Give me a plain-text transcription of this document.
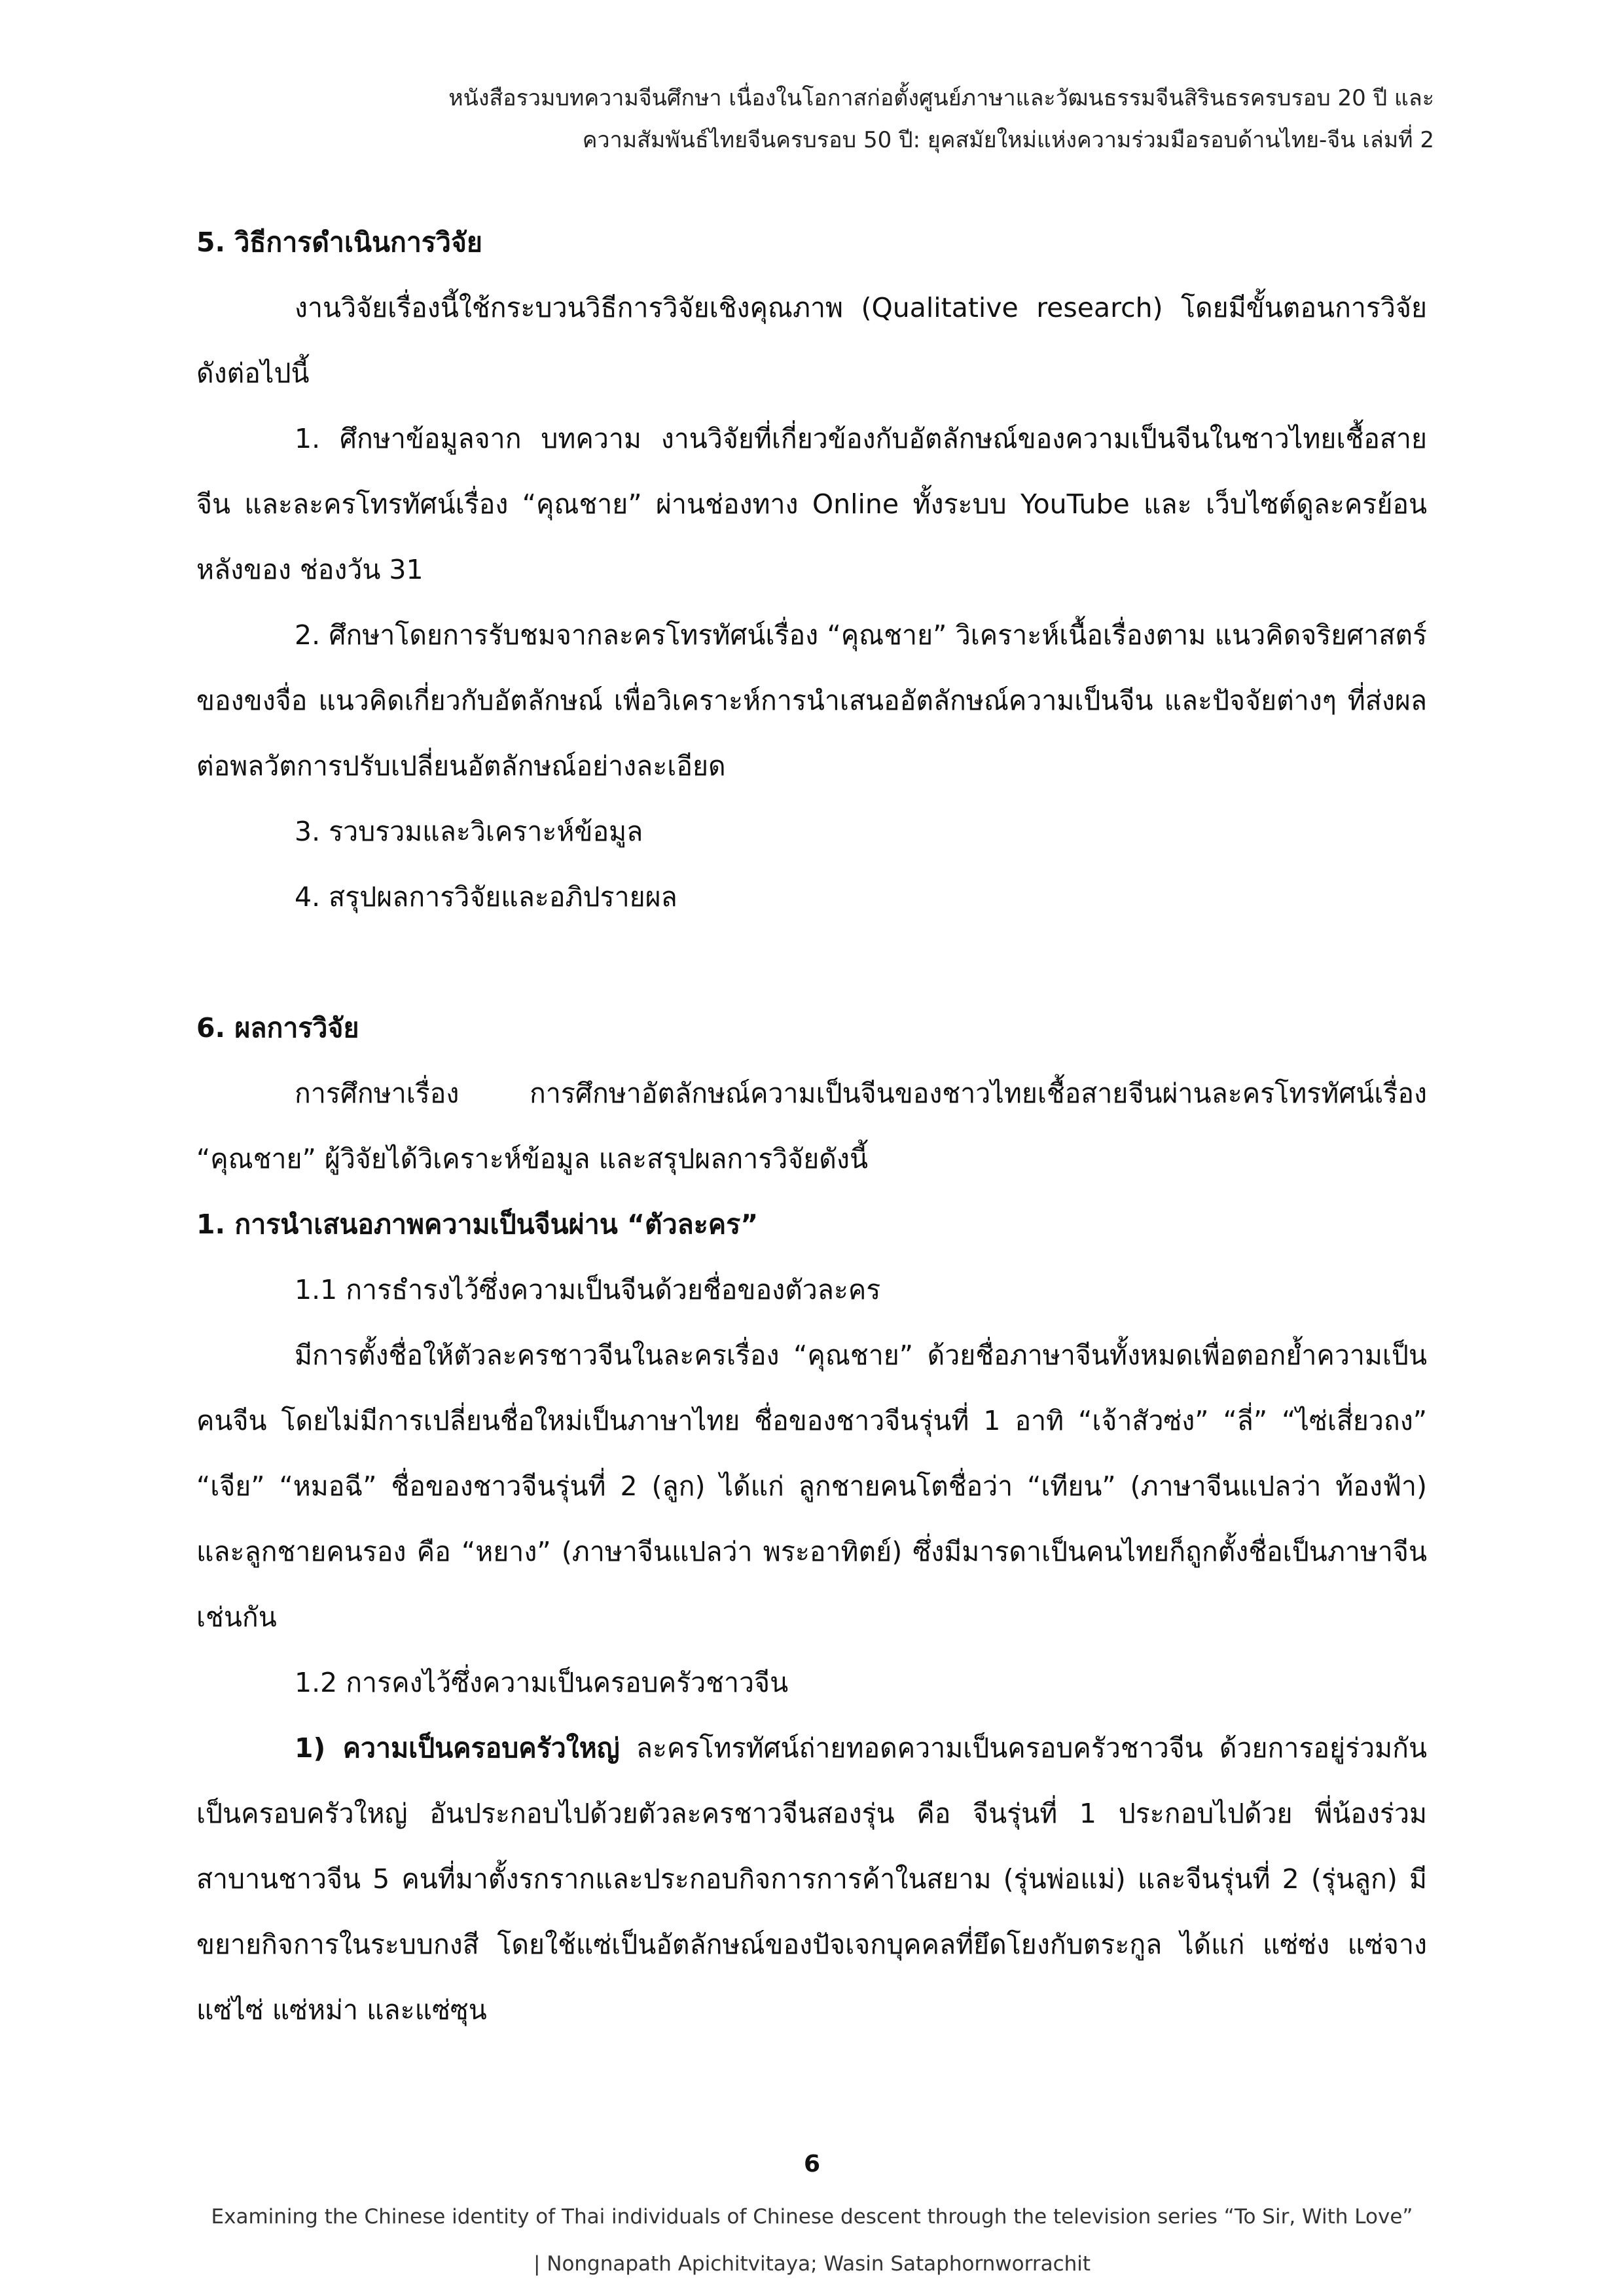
หนังสือรวมบทความจีนศึกษา เนื่องในโอกาสก่อตั้งศูนย์ภาษาและวัฒนธรรมจีนสิรินธรครบรอบ 20 ปี และ
ความสัมพันธ์ไทยจีนครบรอบ 50 ปี: ยุคสมัยใหม่แห่งความร่วมมือรอบด้านไทย-จีน เล่มที่ 2
5. วิธีการดำเนินการวิจัย

งานวิจัยเรื่องนี้ใช้กระบวนวิธีการวิจัยเชิงคุณภาพ (Qualitative research) โดยมีขั้นตอนการวิจัยดังต่อไปนี้

1. ศึกษาข้อมูลจาก บทความ งานวิจัยที่เกี่ยวข้องกับอัตลักษณ์ของความเป็นจีนในชาวไทยเชื้อสายจีน และละครโทรทัศน์เรื่อง “คุณชาย” ผ่านช่องทาง Online ทั้งระบบ YouTube และ เว็บไซต์ดูละครย้อนหลังของ ช่องวัน 31

2. ศึกษาโดยการรับชมจากละครโทรทัศน์เรื่อง “คุณชาย” วิเคราะห์เนื้อเรื่องตาม แนวคิดจริยศาสตร์ของขงจื่อ แนวคิดเกี่ยวกับอัตลักษณ์ เพื่อวิเคราะห์การนำเสนออัตลักษณ์ความเป็นจีน และปัจจัยต่างๆ ที่ส่งผลต่อพลวัตการปรับเปลี่ยนอัตลักษณ์อย่างละเอียด

3. รวบรวมและวิเคราะห์ข้อมูล

4. สรุปผลการวิจัยและอภิปรายผล

6. ผลการวิจัย

การศึกษาเรื่อง การศึกษาอัตลักษณ์ความเป็นจีนของชาวไทยเชื้อสายจีนผ่านละครโทรทัศน์เรื่อง “คุณชาย” ผู้วิจัยได้วิเคราะห์ข้อมูล และสรุปผลการวิจัยดังนี้

1. การนำเสนอภาพความเป็นจีนผ่าน “ตัวละคร”

1.1 การธำรงไว้ซึ่งความเป็นจีนด้วยชื่อของตัวละคร

มีการตั้งชื่อให้ตัวละครชาวจีนในละครเรื่อง “คุณชาย” ด้วยชื่อภาษาจีนทั้งหมดเพื่อตอกย้ำความเป็นคนจีน โดยไม่มีการเปลี่ยนชื่อใหม่เป็นภาษาไทย ชื่อของชาวจีนรุ่นที่ 1 อาทิ “เจ้าสัวซ่ง” “ลี่” “ไซ่เสี่ยวถง” “เจีย” “หมอฉี” ชื่อของชาวจีนรุ่นที่ 2 (ลูก) ได้แก่ ลูกชายคนโตชื่อว่า “เทียน” (ภาษาจีนแปลว่า ท้องฟ้า) และลูกชายคนรอง คือ “หยาง” (ภาษาจีนแปลว่า พระอาทิตย์) ซึ่งมีมารดาเป็นคนไทยก็ถูกตั้งชื่อเป็นภาษาจีนเช่นกัน

1.2 การคงไว้ซึ่งความเป็นครอบครัวชาวจีน

1) ความเป็นครอบครัวใหญ่ ละครโทรทัศน์ถ่ายทอดความเป็นครอบครัวชาวจีน ด้วยการอยู่ร่วมกันเป็นครอบครัวใหญ่ อันประกอบไปด้วยตัวละครชาวจีนสองรุ่น คือ จีนรุ่นที่ 1 ประกอบไปด้วย พี่น้องร่วมสาบานชาวจีน 5 คนที่มาตั้งรกรากและประกอบกิจการการค้าในสยาม (รุ่นพ่อแม่) และจีนรุ่นที่ 2 (รุ่นลูก) มีขยายกิจการในระบบกงสี โดยใช้แซ่เป็นอัตลักษณ์ของปัจเจกบุคคลที่ยึดโยงกับตระกูล ได้แก่ แซ่ซ่ง แซ่จาง แซ่ไซ่ แซ่หม่า และแซ่ซุน

6
Examining the Chinese identity of Thai individuals of Chinese descent through the television series “To Sir, With Love”
| Nongnapath Apichitvitaya; Wasin Sataphornworrachit
